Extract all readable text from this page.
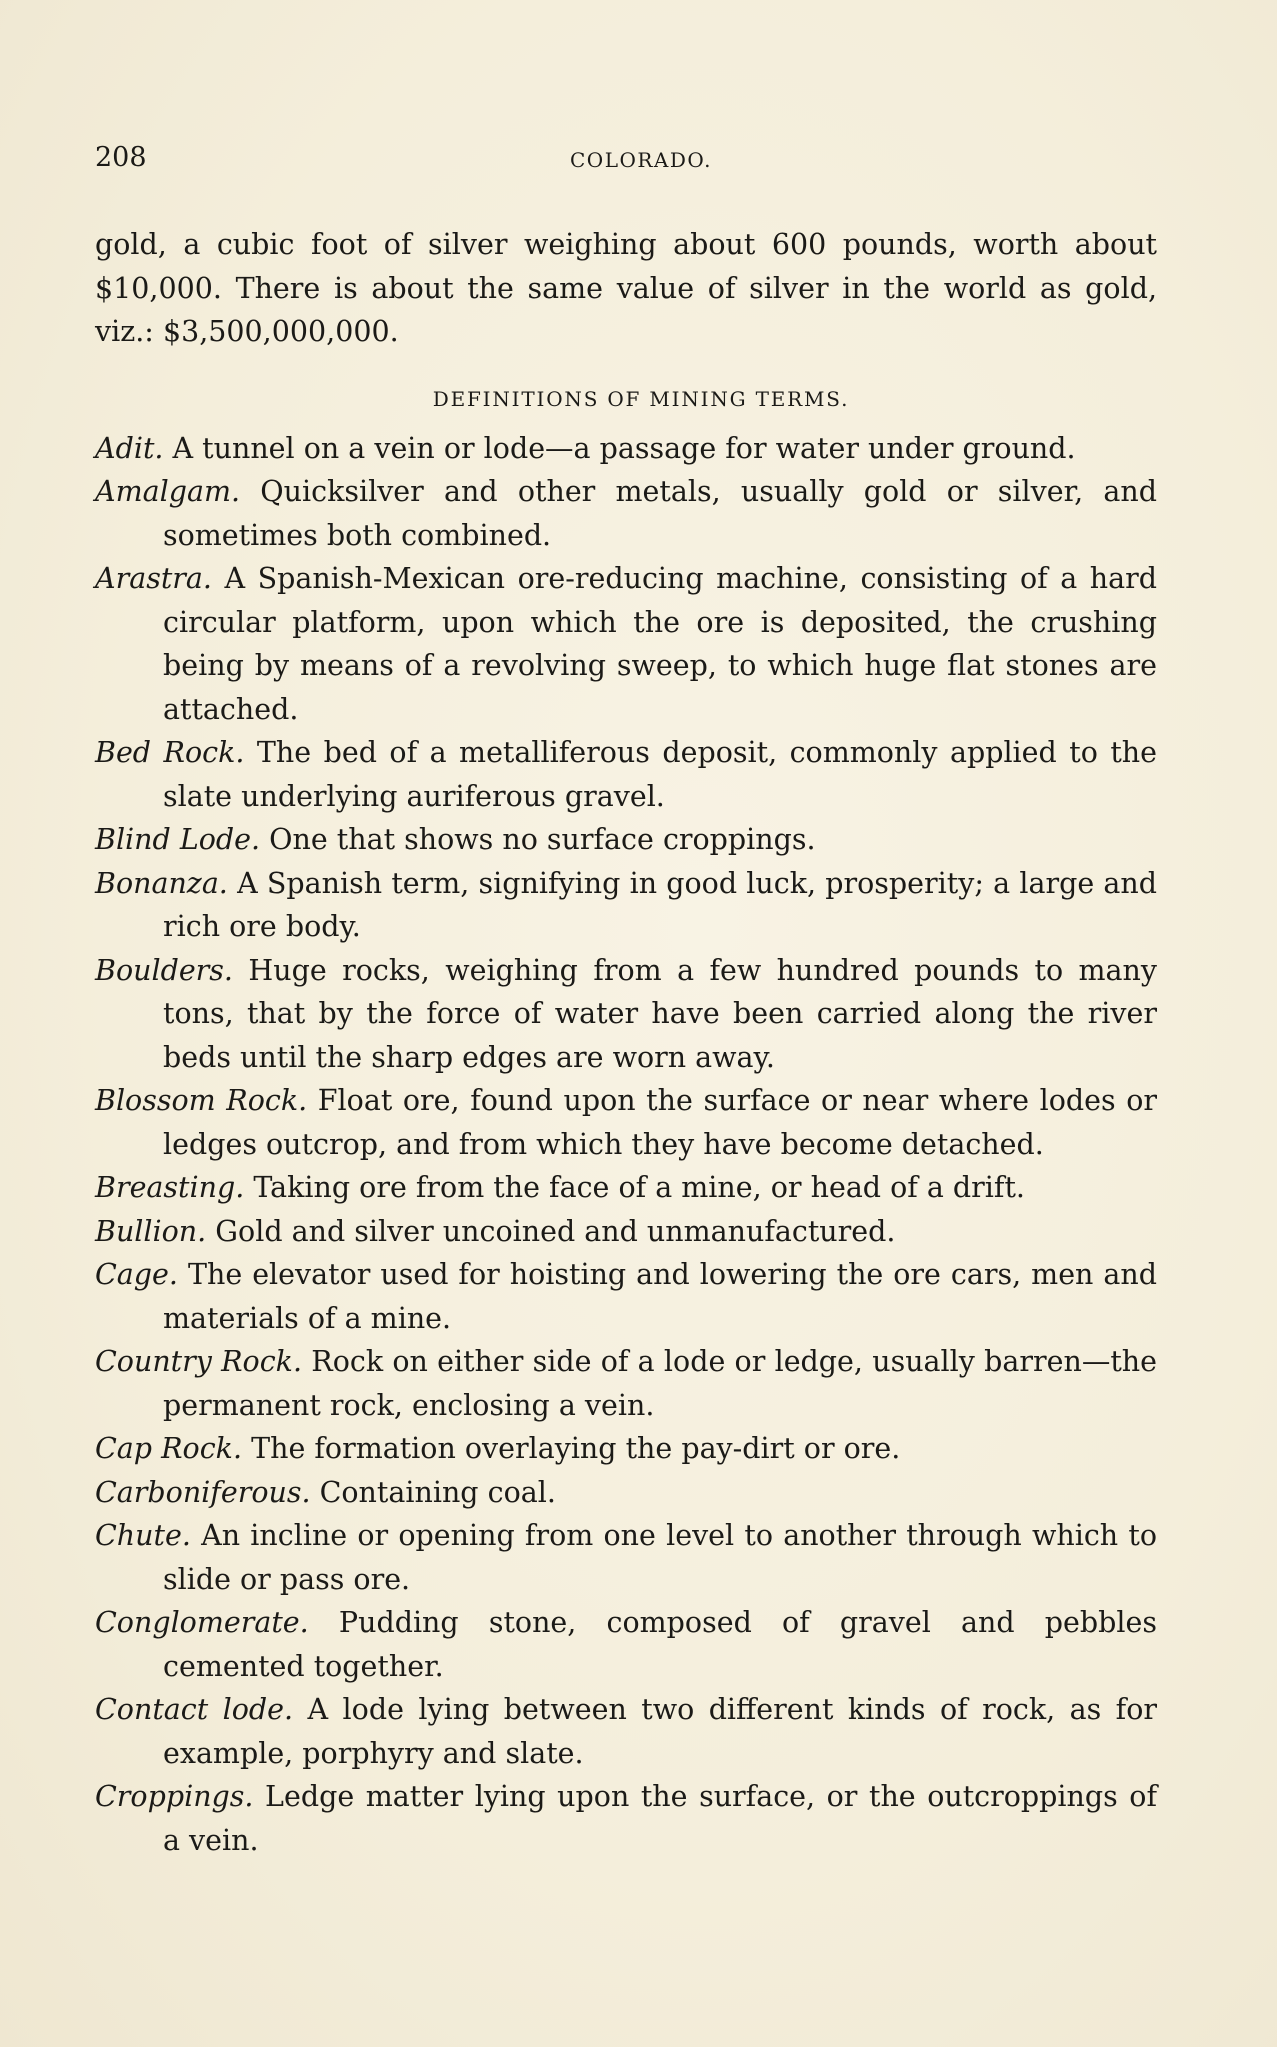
208	COLORADO.

gold, a cubic foot of silver weighing about 600 pounds, worth about $10,000. There is about the same value of silver in the world as gold, viz.: $3,500,000,000.

DEFINITIONS OF MINING TERMS.

Adit. A tunnel on a vein or lode—a passage for water under ground.

Amalgam. Quicksilver and other metals, usually gold or silver, and sometimes both combined.

Arastra. A Spanish-Mexican ore-reducing machine, consisting of a hard circular platform, upon which the ore is deposited, the crushing being by means of a revolving sweep, to which huge flat stones are attached.

Bed Rock. The bed of a metalliferous deposit, commonly applied to the slate underlying auriferous gravel.

Blind Lode. One that shows no surface croppings.

Bonanza. A Spanish term, signifying in good luck, prosperity; a large and rich ore body.

Boulders. Huge rocks, weighing from a few hundred pounds to many tons, that by the force of water have been carried along the river beds until the sharp edges are worn away.

Blossom Rock. Float ore, found upon the surface or near where lodes or ledges outcrop, and from which they have become detached.

Breasting. Taking ore from the face of a mine, or head of a drift.

Bullion. Gold and silver uncoined and unmanufactured.

Cage. The elevator used for hoisting and lowering the ore cars, men and materials of a mine.

Country Rock. Rock on either side of a lode or ledge, usually barren—the permanent rock, enclosing a vein.

Cap Rock. The formation overlaying the pay-dirt or ore.

Carboniferous. Containing coal.

Chute. An incline or opening from one level to another through which to slide or pass ore.

Conglomerate. Pudding stone, composed of gravel and pebbles cemented together.

Contact lode. A lode lying between two different kinds of rock, as for example, porphyry and slate.

Croppings. Ledge matter lying upon the surface, or the outcroppings of a vein.
